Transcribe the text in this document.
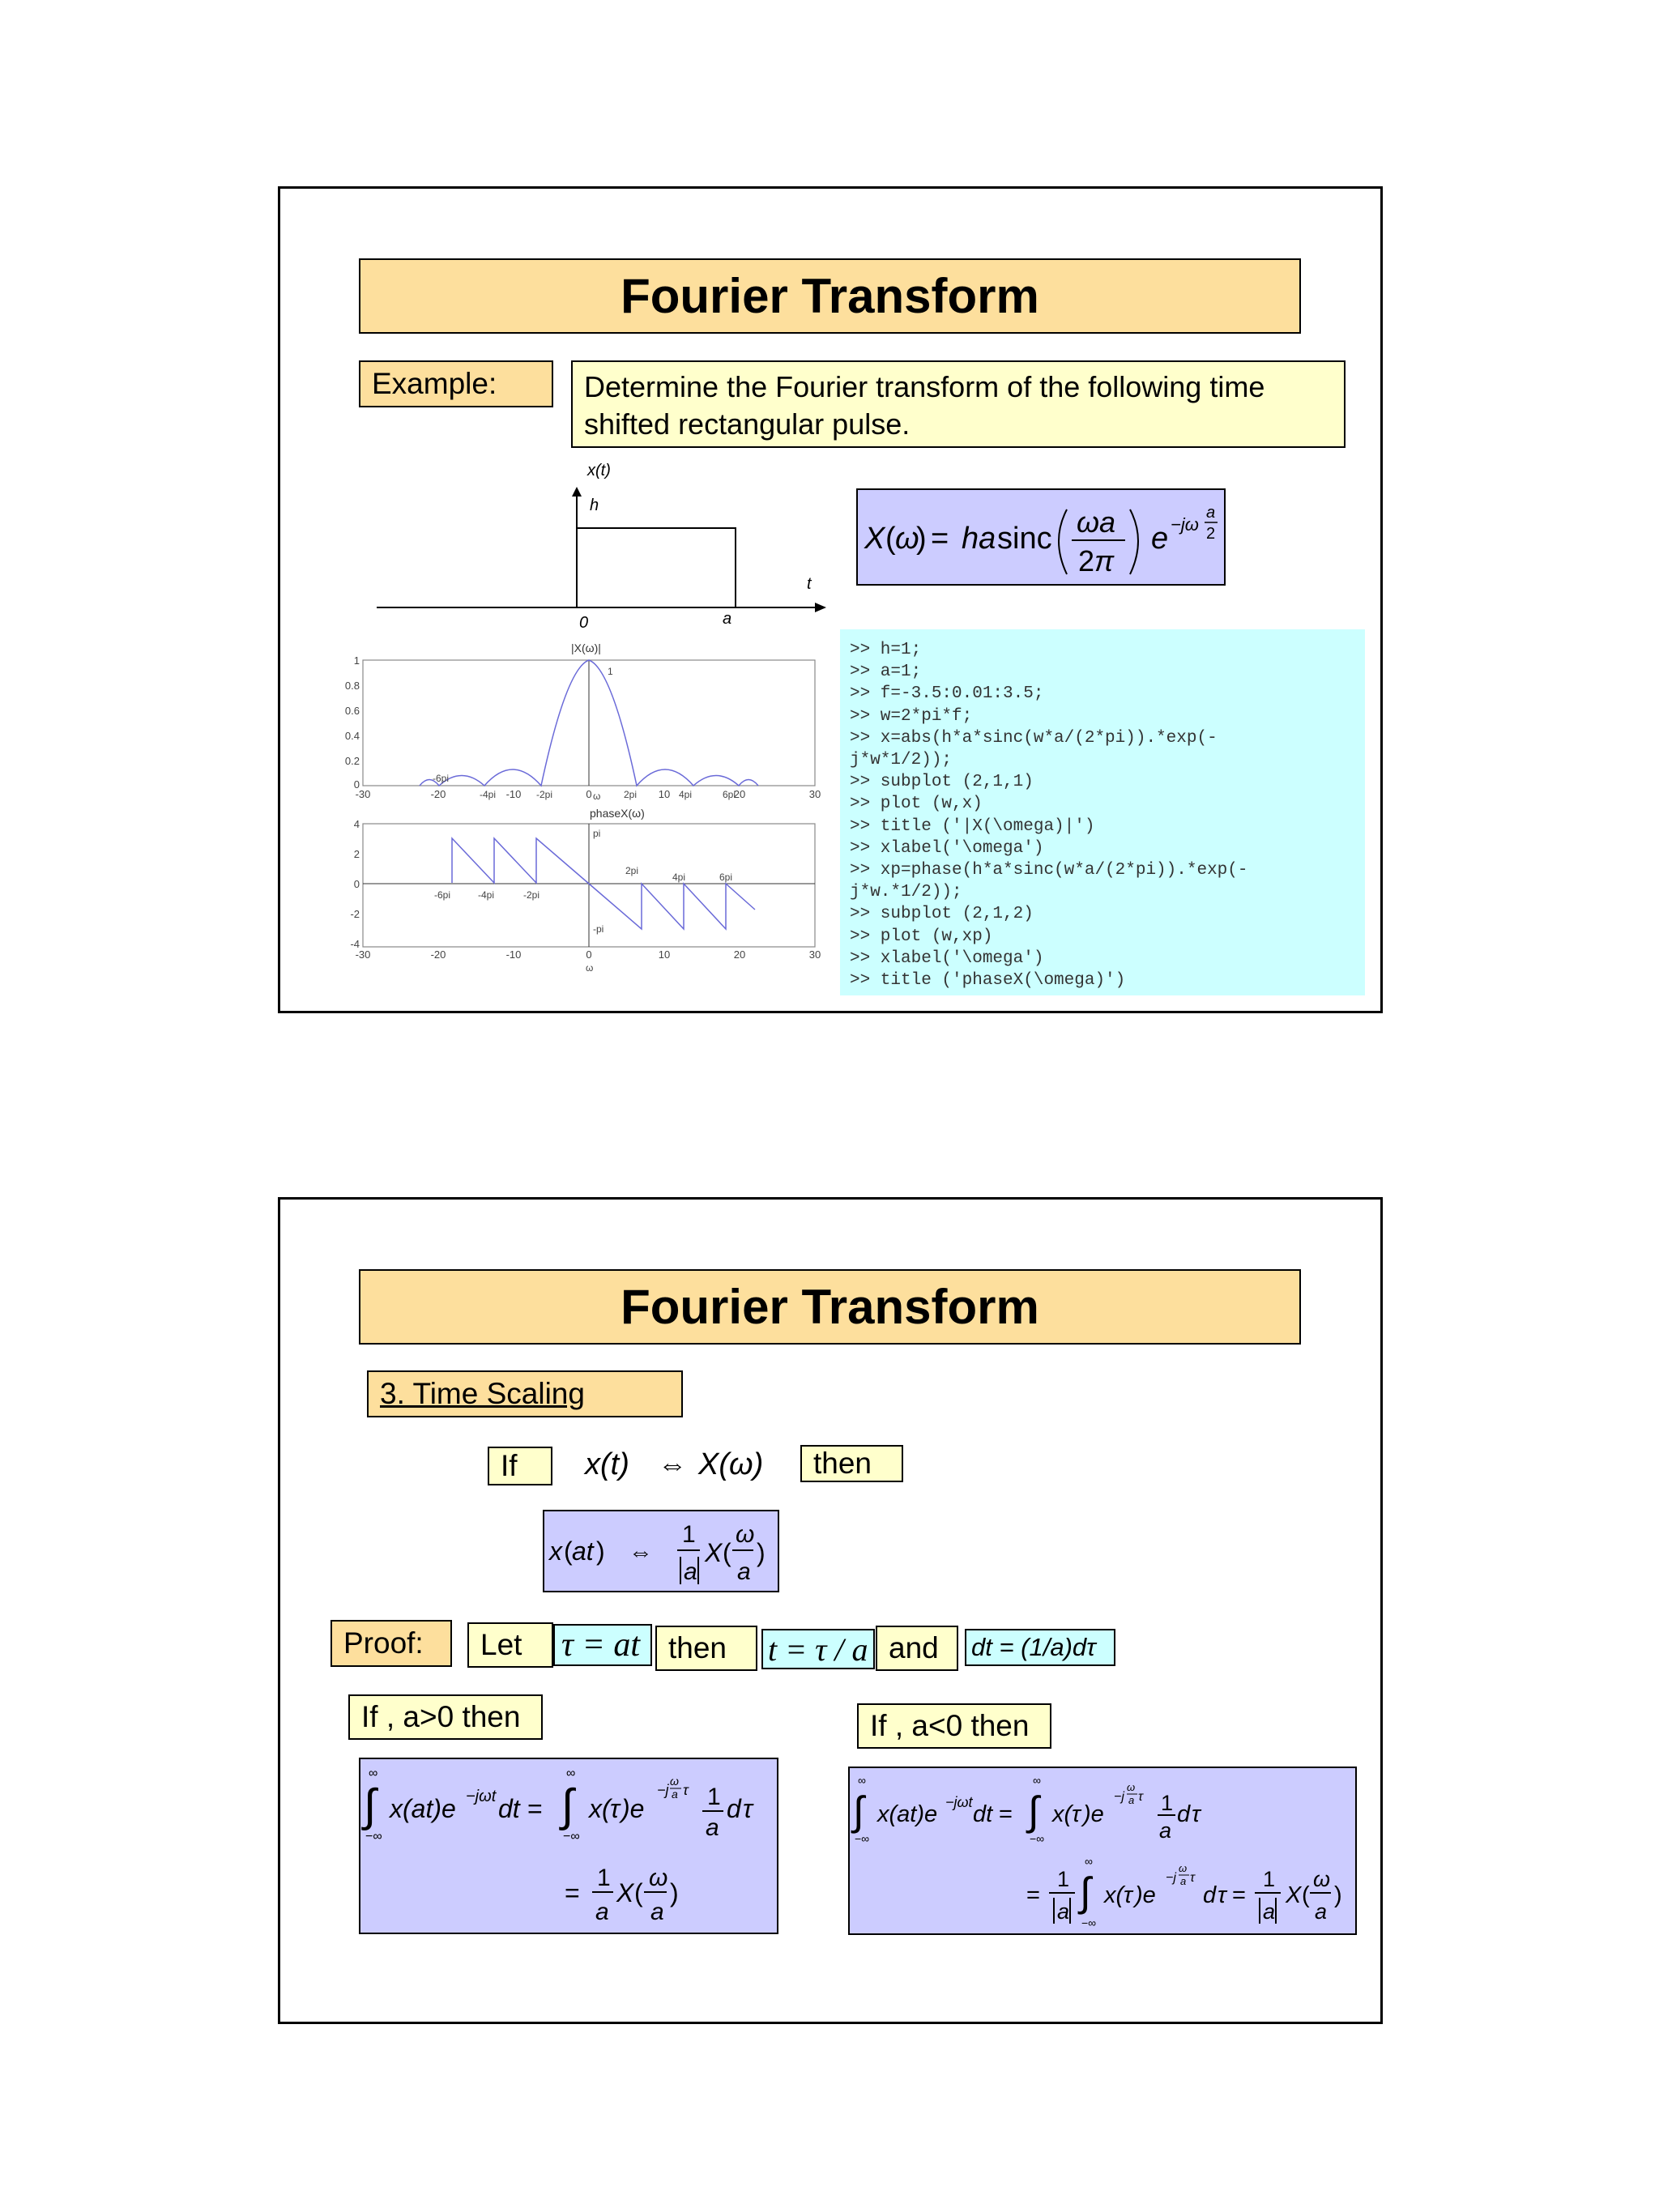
Fourier Transform
Example:	Determine the Fourier transform of the following time shifted rectangular pulse.
x(t)
h
t
0	a
X ( ω
) = ha sinc ωa
2 π
e −jω
a
2
|X(ω)|
1
0.8
0.6
0.4
0.2
0
-30	-20	-10	0	10	20	30
-6pi
-4pi	-2pi	2pi	4pi	6pi
ω
1
phaseX(ω)
4
2
0
-2
-4
-30	-20	-10	0	10	20	30
-6pi	-4pi	-2pi
2pi
4pi	6pi
pi
-pi
ω
>> h=1;
>> a=1;
>> f=-3.5:0.01:3.5;
>> w=2*pi*f;
>> x=abs(h*a*sinc(w*a/(2*pi)).*exp(-
j*w*1/2));
>> subplot (2,1,1)
>> plot (w,x)
>> title ('|X(\omega)|')
>> xlabel('\omega')
>> xp=phase(h*a*sinc(w*a/(2*pi)).*exp(-
j*w.*1/2));
>> subplot (2,1,2)
>> plot (w,xp)
>> xlabel('\omega')
>> title ('phaseX(\omega)')
Fourier Transform
3. Time Scaling
If	x(t) ⇔ X(ω)	then
x ( at ) ⇔
1
a
X (
ω
a
)
Proof:	Let	τ = at then	t = τ / a and	dt = (1/a)dτ
If , a>0 then	If , a<0 then
∞
∫
−∞
x(at)e −jωt dt =
∞
∫
−∞
x( τ )e
−j
ω
a τ 1
a
d τ
=
1
a
X (
ω
a
)
∞
∫
−∞
x(at)e −jωt dt =
∞
∫
−∞
x( τ )e
−j
ω
a τ 1
a
d τ
=
1
a
∞
∫
−∞
x( τ )e
−j
ω
a τ
d τ =
1
a
X (
ω
a
)
